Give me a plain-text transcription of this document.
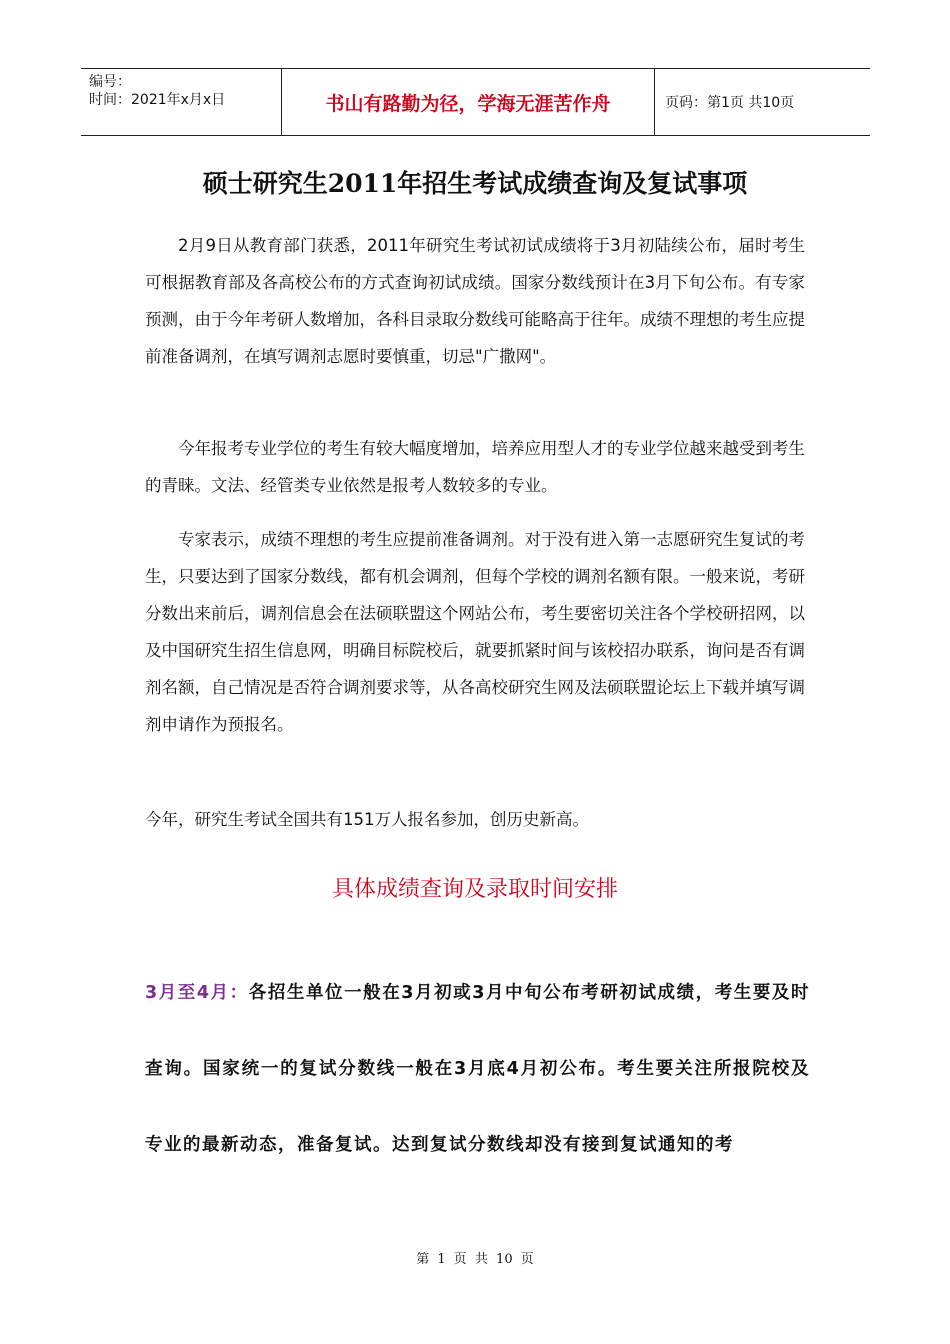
编号：
时间：2021年x月x日	书山有路勤为径，学海无涯苦作舟	页码：第1页 共10页
硕士研究生2011年招生考试成绩查询及复试事项
2月9日从教育部门获悉，2011年研究生考试初试成绩将于3月初陆续公布，届时考生可根据教育部及各高校公布的方式查询初试成绩。国家分数线预计在3月下旬公布。有专家预测，由于今年考研人数增加，各科目录取分数线可能略高于往年。成绩不理想的考生应提前准备调剂，在填写调剂志愿时要慎重，切忌"广撒网"。
今年报考专业学位的考生有较大幅度增加，培养应用型人才的专业学位越来越受到考生的青睐。文法、经管类专业依然是报考人数较多的专业。
专家表示，成绩不理想的考生应提前准备调剂。对于没有进入第一志愿研究生复试的考生，只要达到了国家分数线，都有机会调剂，但每个学校的调剂名额有限。一般来说，考研分数出来前后，调剂信息会在法硕联盟这个网站公布，考生要密切关注各个学校研招网，以及中国研究生招生信息网，明确目标院校后，就要抓紧时间与该校招办联系，询问是否有调剂名额，自己情况是否符合调剂要求等，从各高校研究生网及法硕联盟论坛上下载并填写调剂申请作为预报名。
今年，研究生考试全国共有151万人报名参加，创历史新高。
具体成绩查询及录取时间安排
3月至4月：各招生单位一般在3月初或3月中旬公布考研初试成绩，考生要及时查询。国家统一的复试分数线一般在3月底4月初公布。考生要关注所报院校及专业的最新动态，准备复试。达到复试分数线却没有接到复试通知的考
第 1 页 共 10 页
